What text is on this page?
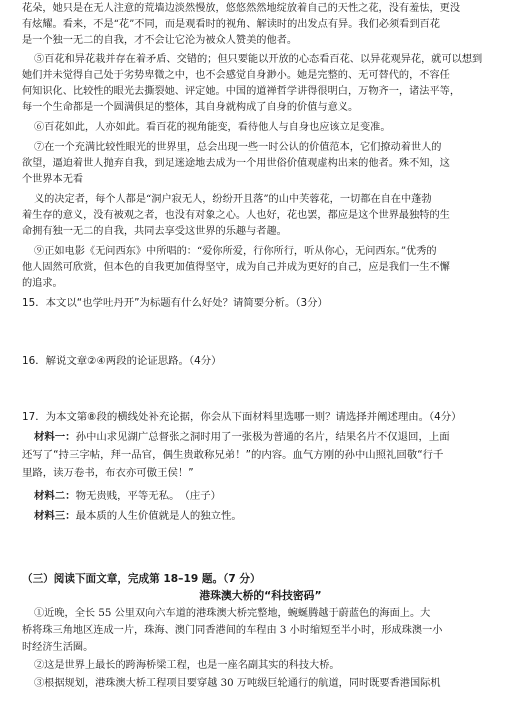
花朵，她只是在无人注意的荒墙边淡然慢放，悠悠然然地绽放着自己的天性之花，没有羞怯，更没
有炫耀。看来，不是“花”不同，而是观看时的视角、解读时的出发点有异。我们必须看到百花
是一个独一无二的自我，才不会让它沦为被众人赞美的他者。
⑤百花和异花栽并存在着矛盾、交错的；但只要能以开放的心态看百花、以异花观异花，就可以想到
她们并未觉得自己处于劣势卑微之中，也不会感觉自身渺小。她是完整的、无可替代的，不容任
何知识化、比较性的眼光去撕裂她、评定她。中国的道禅哲学讲得很明白，万物齐一，诸法平等，
每一个生命都是一个圆满俱足的整体，其自身就构成了自身的价值与意义。
⑥百花如此，人亦如此。看百花的视角能变，看待他人与自身也应该立足变准。
⑦在一个充满比较性眼光的世界里，总会出现一些一时公认的价值范本，它们撩动着世人的
欲望，逼迫着世人抛弃自我，到足迷途地去成为一个用世俗价值观虚构出来的他者。殊不知，这
个世界本无看
义的决定者，每个人都是“洞户寂无人，纷纷开且落”的山中芙蓉花，一切都在自在中蓬勃
着生存的意义，没有被观之者，也没有对象之心。人也好，花也罢，都应是这个世界最独特的生
命拥有独一无二的自我，共同去享受这世界的乐趣与者趣。
⑨正如电影《无问西东》中所唱的：“爱你所爱，行你所行，听从你心，无问西东。”优秀的
他人固然可欣赏，但本色的自我更加值得坚守，成为自己并成为更好的自己，应是我们一生不懈
的追求。
15．本文以“也学吐丹开”为标题有什么好处？请简要分析。（3分）
16．解说文章②④两段的论证思路。（4分）
17．为本文第⑧段的横线处补充论据，你会从下面材料里选哪一则？请选择并阐述理由。（4分）
材料一：孙中山求见湖广总督张之洞时用了一张极为普通的名片，结果名片不仅退回，上面
还写了“持三字帖，拜一品官，偶生贵敢称兄弟！”的内容。血气方刚的孙中山照礼回敬“行千
里路，读万卷书，布衣亦可傲王侯！”
材料二：物无贵贱，平等无私。　（庄子）
材料三：最本质的人生价值就是人的独立性。
（三）阅读下面文章，完成第 18–19 题。（7 分）
港珠澳大桥的“科技密码”
①近晚，全长 55 公里双向六车道的港珠澳大桥完整地，蜿蜒腾越于蔚蓝色的海面上。大
桥将珠三角地区连成一片，珠海、澳门同香港间的车程由 3 小时缩短至半小时，形成珠澳一小
时经济生活圈。
②这是世界上最长的跨海桥梁工程，也是一座名副其实的科技大桥。
③根据规划，港珠澳大桥工程项目要穿越 30 万吨级巨轮通行的航道，同时既要香港国际机
